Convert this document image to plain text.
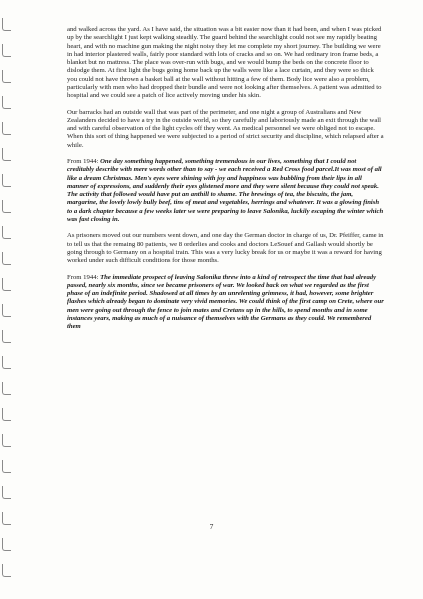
and walked across the yard. As I have said, the situation was a bit easier now than it had been, and when I was picked up by the searchlight I just kept walking steadily. The guard behind the searchlight could not see my rapidly beating heart, and with no machine gun making the night noisy they let me complete my short journey. The building we were in had interior plastered walls, fairly poor standard with lots of cracks and so on. We had ordinary iron frame beds, a blanket but no mattress. The place was over-run with bugs, and we would bump the beds on the concrete floor to dislodge them. At first light the bugs going home back up the walls were like a lace curtain, and they were so thick you could not have thrown a basket ball at the wall without hitting a few of them. Body lice were also a problem, particularly with men who had dropped their bundle and were not looking after themselves. A patient was admitted to hospital and we could see a patch of lice actively moving under his skin.

Our barracks had an outside wall that was part of the perimeter, and one night a group of Australians and New Zealanders decided to have a try in the outside world, so they carefully and laboriously made an exit through the wall and with careful observation of the light cycles off they went. As medical personnel we were obliged not to escape. When this sort of thing happened we were subjected to a period of strict security and discipline, which relapsed after a while.

From 1944: One day something happened, something tremendous in our lives, something that I could not creditably describe with mere words other than to say - we each received a Red Cross food parcel.It was most of all like a dream Christmas. Men's eyes were shining with joy and happiness was bubbling from their lips in all manner of expressions, and suddenly their eyes glistened more and they were silent because they could not speak. The activity that followed would have put an anthill to shame. The brewings of tea, the biscuits, the jam, margarine, the lovely lowly bully beef, tins of meat and vegetables, herrings and whatever. It was a glowing finish to a dark chapter because a few weeks later we were preparing to leave Salonika, luckily escaping the winter which was fast closing in.

As prisoners moved out our numbers went down, and one day the German doctor in charge of us, Dr. Pfeiffer, came in to tell us that the remaing 80 patients, we 8 orderlies and cooks and doctors LeSouef and Gallash would shortly be going through to Germany on a hospital train. This was a very lucky break for us or maybe it was a reward for having worked under such difficult conditions for those months.

From 1944: The immediate prospect of leaving Salonika threw into a kind of retrospect the time that had already passed, nearly six months, since we became prisoners of war. We looked back on what we regarded as the first phase of an indefinite period. Shadowed at all times by an unrelenting grimness, it had, however, some brighter flashes which already began to dominate very vivid memories. We could think of the first camp on Crete, where our men were going out through the fence to join mates and Cretans up in the hills, to spend months and in some instances years, making as much of a nuisance of themselves with the Germans as they could. We remembered them

7
